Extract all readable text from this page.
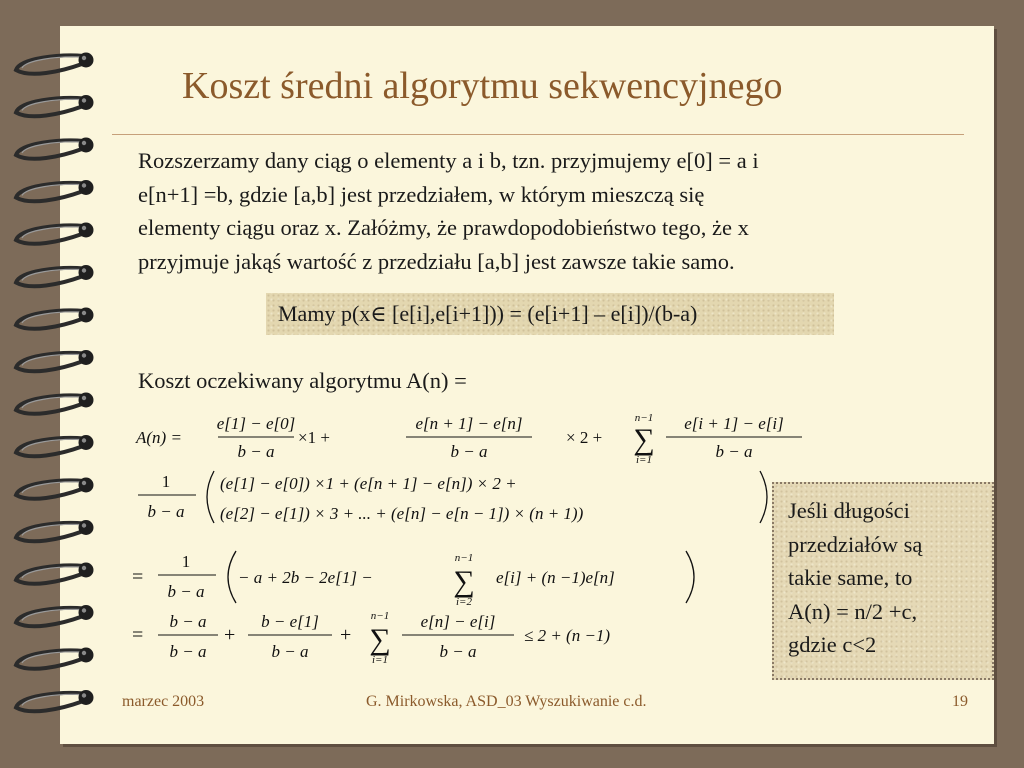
Koszt średni algorytmu sekwencyjnego
Rozszerzamy dany ciąg o elementy a i b, tzn. przyjmujemy e[0] = a i
e[n+1] =b, gdzie [a,b] jest przedziałem, w którym mieszczą się
elementy ciągu oraz x. Załóżmy, że prawdopodobieństwo tego, że x
przyjmuje jakąś wartość z przedziału [a,b] jest zawsze takie samo.
Mamy p(x∈ [e[i],e[i+1])) = (e[i+1] – e[i])/(b-a)
Koszt oczekiwany algorytmu A(n) =
A(n) =
e[1] − e[0]
b − a
×1 +
e[n + 1] − e[n]
b − a
× 2 +
n−1
∑
i=1
e[i + 1] − e[i]
b − a
1
b − a
(e[1] − e[0]) ×1 + (e[n + 1] − e[n]) × 2 +
(e[2] − e[1]) × 3 + ... + (e[n] − e[n − 1]) × (n + 1))
=
1
b − a
− a + 2b − 2e[1] −
n−1
∑
i=2
e[i] + (n −1)e[n]
=
b − a
b − a
+
b − e[1]
b − a
+
n−1
∑
i=1
e[n] − e[i]
b − a
≤ 2 + (n −1)
Jeśli długości
przedziałów są
takie same, to
A(n) = n/2 +c,
gdzie c<2
marzec 2003	G. Mirkowska, ASD_03 Wyszukiwanie c.d.	19
